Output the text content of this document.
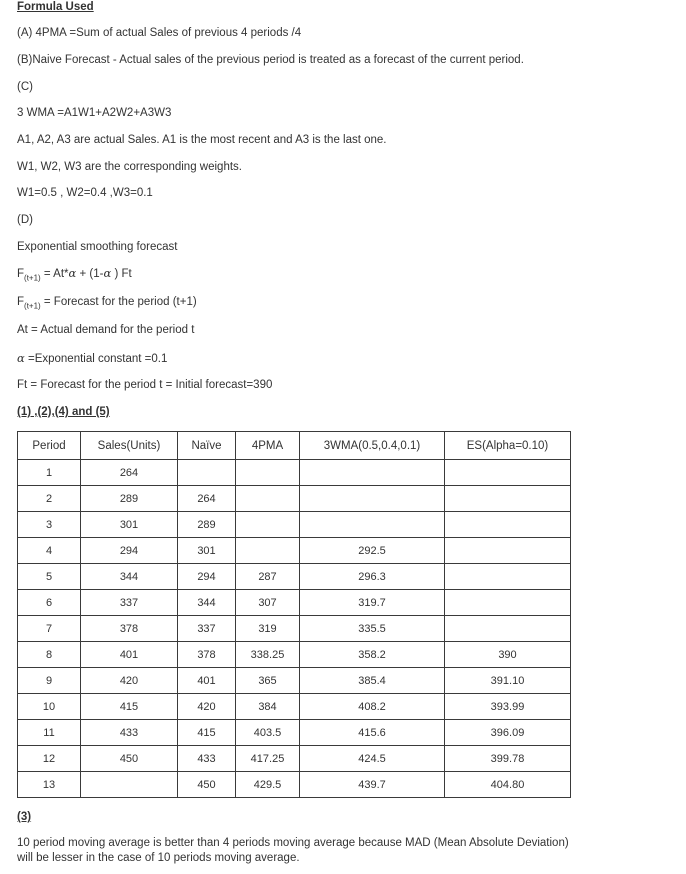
Formula Used
(A) 4PMA =Sum of actual Sales of previous 4 periods /4
(B)Naive Forecast - Actual sales of the previous period is treated as a forecast of the current period.
(C)
3 WMA =A1W1+A2W2+A3W3
A1, A2, A3 are actual Sales. A1 is the most recent and A3 is the last one.
W1, W2, W3 are the corresponding weights.
W1=0.5 , W2=0.4 ,W3=0.1
(D)
Exponential smoothing forecast
$F_{(t+1)} = At*\alpha + (1-\alpha$ ) Ft
$F_{(t+1)}$ = Forecast for the period (t+1)
At = Actual demand for the period t
α =Exponential constant =0.1
Ft = Forecast for the period t = Initial forecast=390
(1) ,(2),(4) and (5)
Period	Sales(Units)	Naïve	4PMA	3WMA(0.5,0.4,0.1)	ES(Alpha=0.10)
1	264				
2	289	264			
3	301	289			
4	294	301		292.5	
5	344	294	287	296.3	
6	337	344	307	319.7	
7	378	337	319	335.5	
8	401	378	338.25	358.2	390
9	420	401	365	385.4	391.10
10	415	420	384	408.2	393.99
11	433	415	403.5	415.6	396.09
12	450	433	417.25	424.5	399.78
13		450	429.5	439.7	404.80
(3)
10 period moving average is better than 4 periods moving average because MAD (Mean Absolute Deviation) will be lesser in the case of 10 periods moving average.
